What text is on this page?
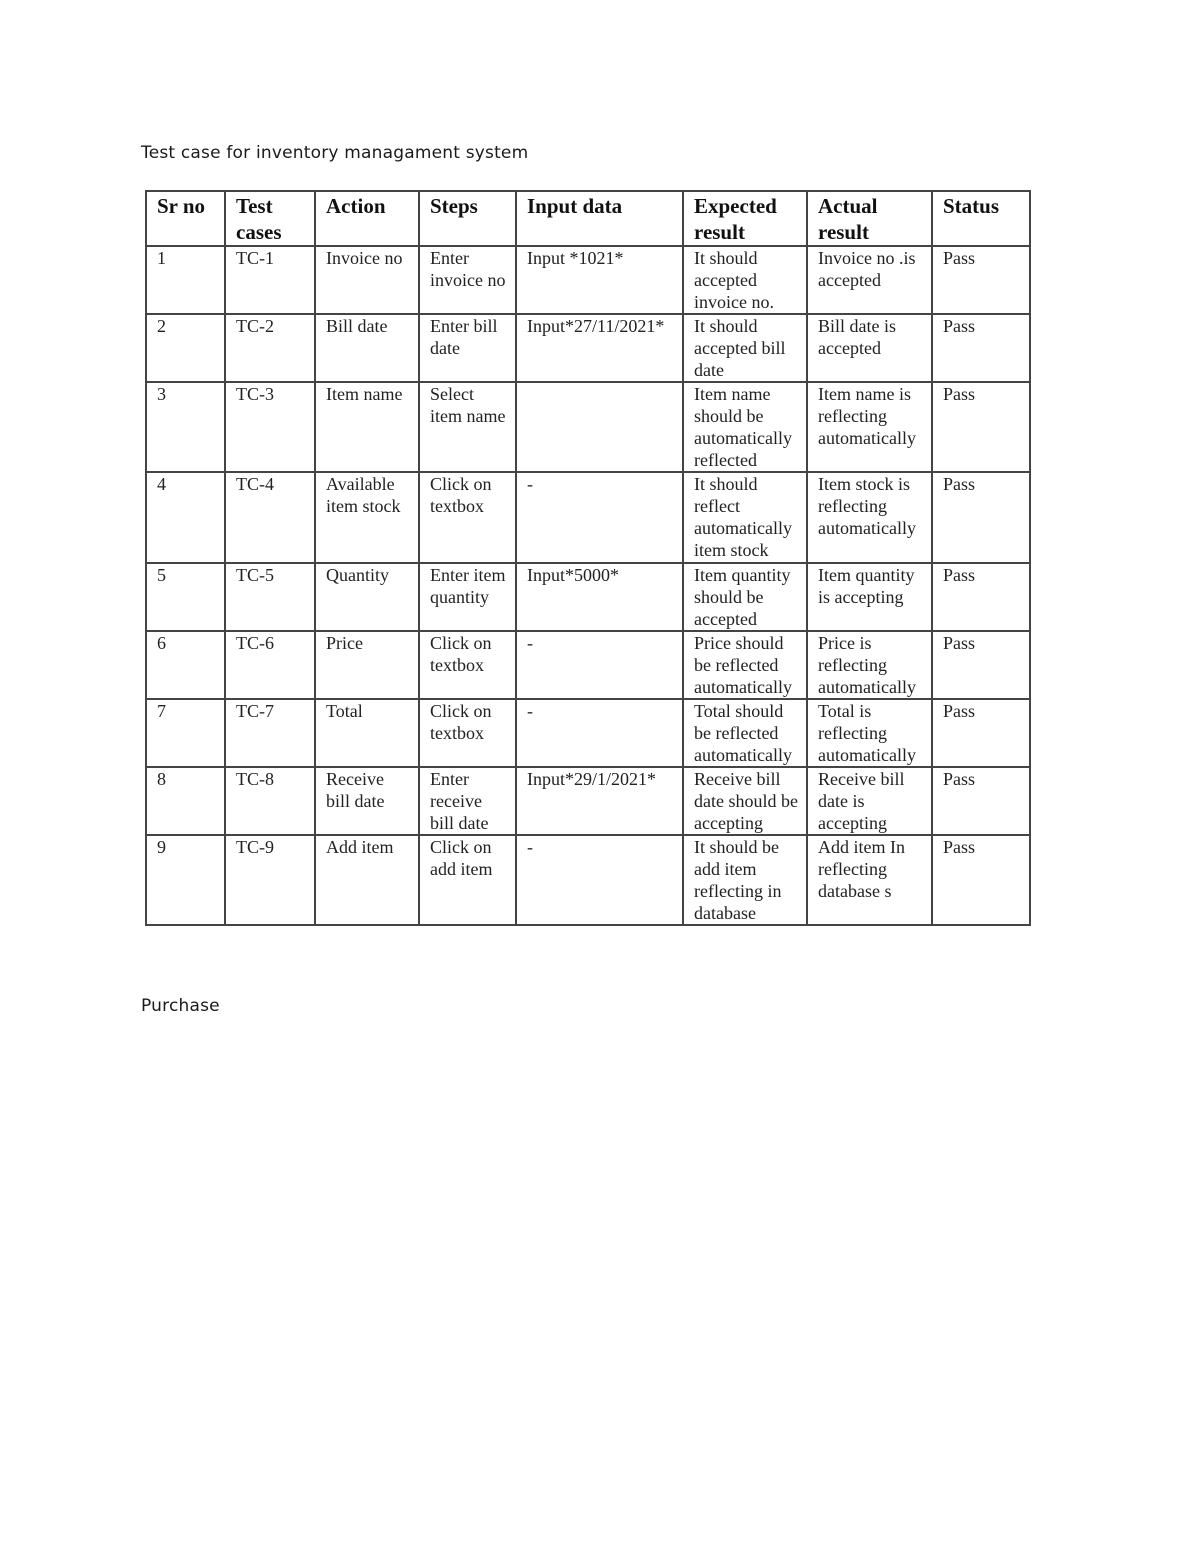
Test case for inventory managament system
Sr no	Test cases	Action	Steps	Input data	Expected result	Actual result	Status
1	TC-1	Invoice no	Enter invoice no	Input *1021*	It should accepted invoice no.	Invoice no .is accepted	Pass
2	TC-2	Bill date	Enter bill date	Input*27/11/2021*	It should accepted bill date	Bill date is accepted	Pass
3	TC-3	Item name	Select item name		Item name should be automatically reflected	Item name is reflecting automatically	Pass
4	TC-4	Available item stock	Click on textbox	-	It should reflect automatically item stock	Item stock is reflecting automatically	Pass
5	TC-5	Quantity	Enter item quantity	Input*5000*	Item quantity should be accepted	Item quantity is accepting	Pass
6	TC-6	Price	Click on textbox	-	Price should be reflected automatically	Price is reflecting automatically	Pass
7	TC-7	Total	Click on textbox	-	Total should be reflected automatically	Total is reflecting automatically	Pass
8	TC-8	Receive bill date	Enter receive bill date	Input*29/1/2021*	Receive bill date should be accepting	Receive bill date is accepting	Pass
9	TC-9	Add item	Click on add item	-	It should be add item reflecting in database	Add item In reflecting database s	Pass
Purchase
